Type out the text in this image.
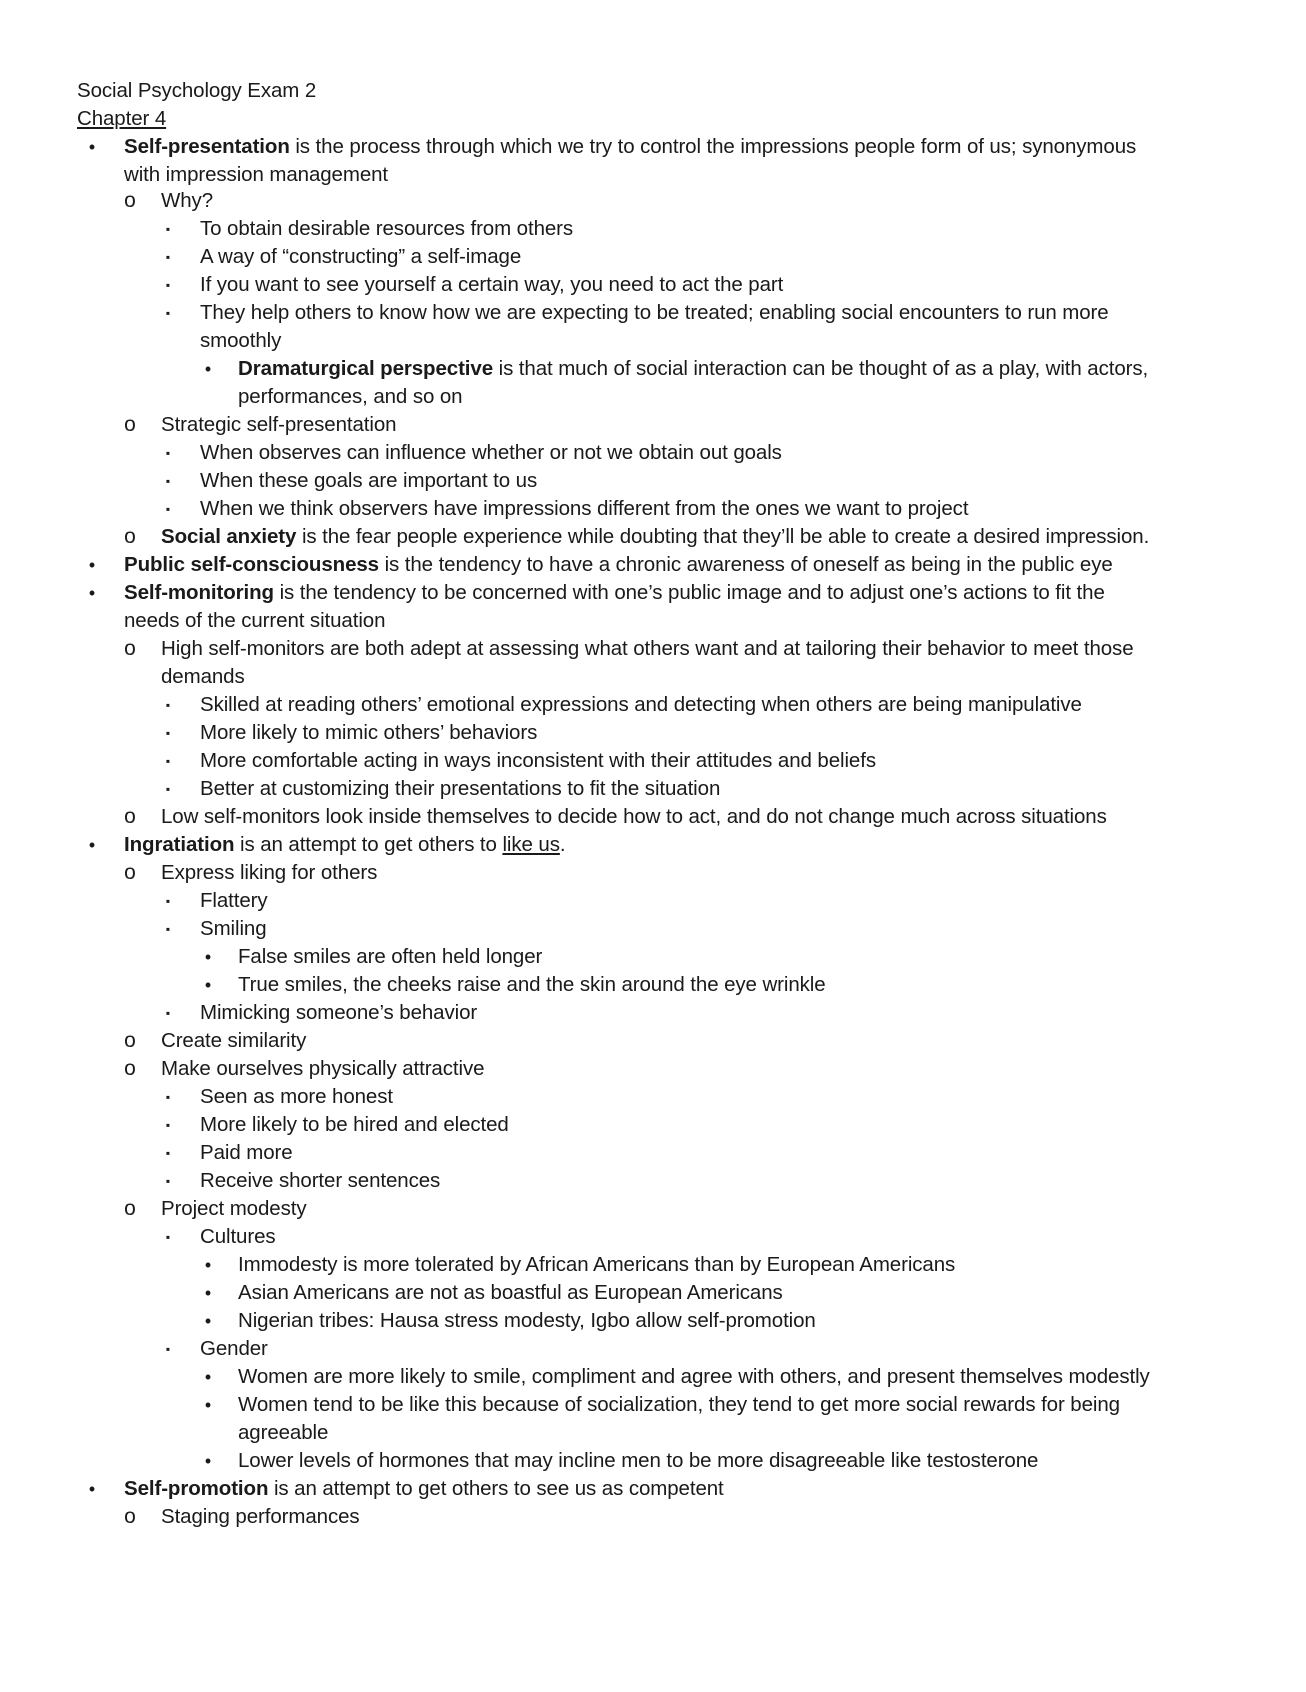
Social Psychology Exam 2
Chapter 4
•	Self-presentation is the process through which we try to control the impressions people form of us; synonymous
with impression management
o Why?
▪	To obtain desirable resources from others
▪	A way of “constructing” a self-image
▪	If you want to see yourself a certain way, you need to act the part
▪	They help others to know how we are expecting to be treated; enabling social encounters to run more
smoothly
•	Dramaturgical perspective is that much of social interaction can be thought of as a play, with actors,
performances, and so on
o Strategic self-presentation
▪	When observes can influence whether or not we obtain out goals
▪	When these goals are important to us
▪	When we think observers have impressions different from the ones we want to project
o Social anxiety is the fear people experience while doubting that they’ll be able to create a desired impression.
•	Public self-consciousness is the tendency to have a chronic awareness of oneself as being in the public eye
•	Self-monitoring is the tendency to be concerned with one’s public image and to adjust one’s actions to fit the
needs of the current situation
o High self-monitors are both adept at assessing what others want and at tailoring their behavior to meet those
demands
▪	Skilled at reading others’ emotional expressions and detecting when others are being manipulative
▪	More likely to mimic others’ behaviors
▪	More comfortable acting in ways inconsistent with their attitudes and beliefs
▪	Better at customizing their presentations to fit the situation
o Low self-monitors look inside themselves to decide how to act, and do not change much across situations
•	Ingratiation is an attempt to get others to like us.
o Express liking for others
▪	Flattery
▪	Smiling
•	False smiles are often held longer
•	True smiles, the cheeks raise and the skin around the eye wrinkle
▪	Mimicking someone’s behavior
o Create similarity
o Make ourselves physically attractive
▪	Seen as more honest
▪	More likely to be hired and elected
▪	Paid more
▪	Receive shorter sentences
o Project modesty
▪	Cultures
•	Immodesty is more tolerated by African Americans than by European Americans
•	Asian Americans are not as boastful as European Americans
•	Nigerian tribes: Hausa stress modesty, Igbo allow self-promotion
▪	Gender
•	Women are more likely to smile, compliment and agree with others, and present themselves modestly
•	Women tend to be like this because of socialization, they tend to get more social rewards for being
agreeable
•	Lower levels of hormones that may incline men to be more disagreeable like testosterone
•	Self-promotion is an attempt to get others to see us as competent
o Staging performances
